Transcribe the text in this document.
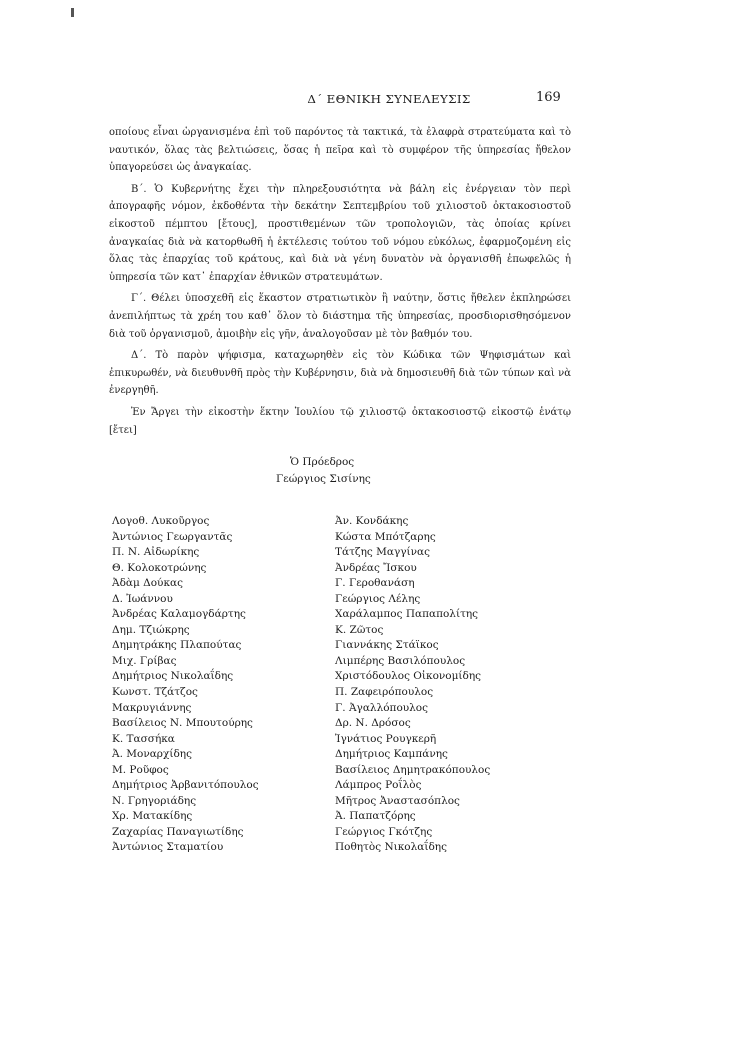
Δ΄ ΕΘΝΙΚΗ ΣΥΝΕΛΕΥΣΙΣ	169

οποίους εἶναι ὡργανισμένα ἐπὶ τοῦ παρόντος τὰ τακτικά, τὰ ἐλαφρὰ στρατεύματα καὶ τὸ ναυτικόν, ὅλας τὰς βελτιώσεις, ὅσας ἡ πεῖρα καὶ τὸ συμφέρον τῆς ὑπηρεσίας ἤθελον ὑπαγορεύσει ὡς ἀναγκαίας.

Β΄. Ὁ Κυβερνήτης ἔχει τὴν πληρεξουσιότητα νὰ βάλη εἰς ἐνέργειαν τὸν περὶ ἀπογραφῆς νόμον, ἐκδοθέντα τὴν δεκάτην Σεπτεμβρίου τοῦ χιλιοστοῦ ὀκτακοσιοστοῦ εἰκοστοῦ πέμπτου [ἔτους], προστιθεμένων τῶν τροπολογιῶν, τὰς ὁποίας κρίνει ἀναγκαίας διὰ νὰ κατορθωθῆ ἡ ἐκτέλεσις τούτου τοῦ νόμου εὐκόλως, ἐφαρμοζομένη εἰς ὅλας τὰς ἐπαρχίας τοῦ κράτους, καὶ διὰ νὰ γένη δυνατὸν νὰ ὀργανισθῆ ἐπωφελῶς ἡ ὑπηρεσία τῶν κατ᾽ ἐπαρχίαν ἐθνικῶν στρατευμάτων.

Γ΄. Θέλει ὑποσχεθῆ εἰς ἕκαστον στρατιωτικὸν ἢ ναύτην, ὅστις ἤθελεν ἐκπληρώσει ἀνεπιλήπτως τὰ χρέη του καθ᾽ ὅλον τὸ διάστημα τῆς ὑπηρεσίας, προσδιορισθησόμενον διὰ τοῦ ὀργανισμοῦ, ἀμοιβὴν εἰς γῆν, ἀναλογοῦσαν μὲ τὸν βαθμόν του.

Δ΄. Τὸ παρὸν ψήφισμα, καταχωρηθὲν εἰς τὸν Κώδικα τῶν Ψηφισμάτων καὶ ἐπικυρωθέν, νὰ διευθυνθῆ πρὸς τὴν Κυβέρνησιν, διὰ νὰ δημοσιευθῆ διὰ τῶν τύπων καὶ νὰ ἐνεργηθῆ.

Ἐν Ἄργει τὴν εἰκοστὴν ἕκτην Ἰουλίου τῷ χιλιοστῷ ὀκτακοσιοστῷ εἰκοστῷ ἑνάτῳ [ἔτει]
Ὁ Πρόεδρος
Γεώργιος Σισίνης
Λογοθ. Λυκοῦργος
Ἀντώνιος Γεωργαντᾶς
Π. Ν. Αἰδωρίκης
Θ. Κολοκοτρώνης
Ἀδὰμ Δούκας
Δ. Ἰωάννου
Ἀνδρέας Καλαμογδάρτης
Δημ. Τζιώκρης
Δημητράκης Πλαπούτας
Μιχ. Γρίβας
Δημήτριος Νικολαΐδης
Κωνστ. Τζάτζος
Μακρυγιάννης
Βασίλειος Ν. Μπουτούρης
Κ. Τασσήκα
Ἀ. Μοναρχίδης
Μ. Ροῦφος
Δημήτριος Ἀρβανιτόπουλος
Ν. Γρηγοριάδης
Χρ. Ματακίδης
Ζαχαρίας Παναγιωτίδης
Ἀντώνιος Σταματίου
Ἀν. Κονδάκης
Κώστα Μπότζαρης
Τάτζης Μαγγίνας
Ἀνδρέας Ἴσκου
Γ. Γεροθανάση
Γεώργιος Λέλης
Χαράλαμπος Παπαπολίτης
Κ. Ζῶτος
Γιαννάκης Στάϊκος
Λιμπέρης Βασιλόπουλος
Χριστόδουλος Οἰκονομίδης
Π. Ζαφειρόπουλος
Γ. Ἀγαλλόπουλος
Δρ. Ν. Δρόσος
Ἰγνάτιος Ρουγκερῆ
Δημήτριος Καμπάνης
Βασίλειος Δημητρακόπουλος
Λάμπρος Ροΐλὸς
Μῆτρος Ἀναστασόπλος
Ἀ. Παπατζόρης
Γεώργιος Γκότζης
Ποθητὸς Νικολαΐδης
